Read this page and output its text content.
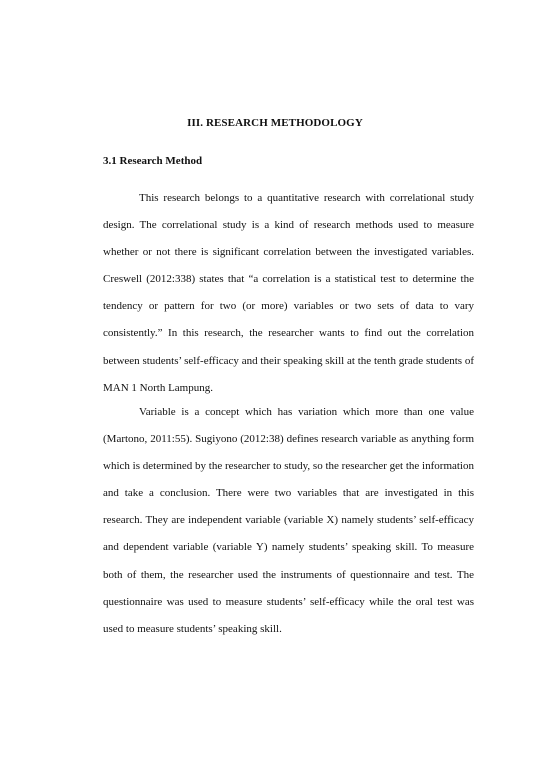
III. RESEARCH METHODOLOGY
3.1 Research Method

This research belongs to a quantitative research with correlational study design. The correlational study is a kind of research methods used to measure whether or not there is significant correlation between the investigated variables. Creswell (2012:338) states that “a correlation is a statistical test to determine the tendency or pattern for two (or more) variables or two sets of data to vary consistently.” In this research, the researcher wants to find out the correlation between students’ self-efficacy and their speaking skill at the tenth grade students of MAN 1 North Lampung.

Variable is a concept which has variation which more than one value (Martono, 2011:55). Sugiyono (2012:38) defines research variable as anything form which is determined by the researcher to study, so the researcher get the information and take a conclusion. There were two variables that are investigated in this research. They are independent variable (variable X) namely students’ self-efficacy and dependent variable (variable Y) namely students’ speaking skill. To measure both of them, the researcher used the instruments of questionnaire and test. The questionnaire was used to measure students’ self-efficacy while the oral test was used to measure students’ speaking skill.
